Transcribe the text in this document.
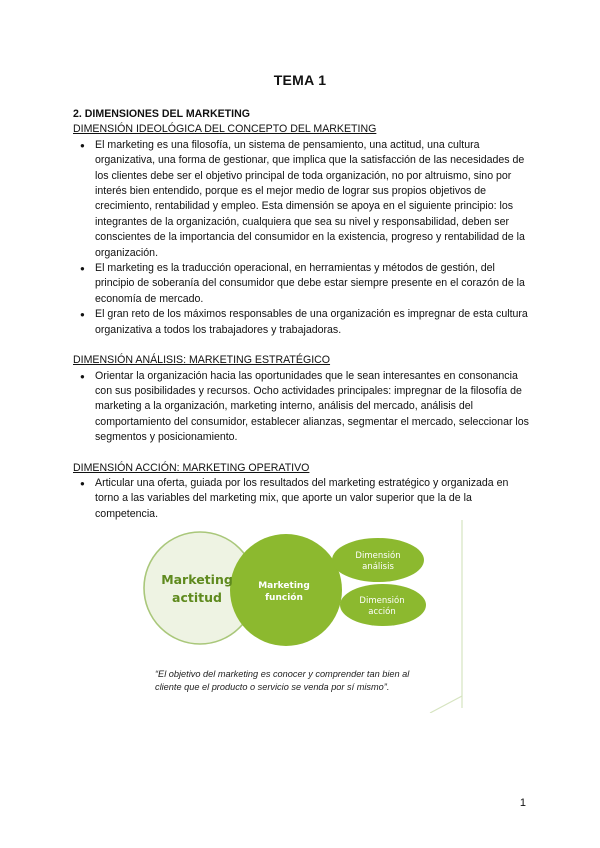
TEMA 1
2. DIMENSIONES DEL MARKETING
DIMENSIÓN IDEOLÓGICA DEL CONCEPTO DEL MARKETING
● El marketing es una filosofía, un sistema de pensamiento, una actitud, una cultura organizativa, una forma de gestionar, que implica que la satisfacción de las necesidades de los clientes debe ser el objetivo principal de toda organización, no por altruismo, sino por interés bien entendido, porque es el mejor medio de lograr sus propios objetivos de crecimiento, rentabilidad y empleo. Esta dimensión se apoya en el siguiente principio: los integrantes de la organización, cualquiera que sea su nivel y responsabilidad, deben ser conscientes de la importancia del consumidor en la existencia, progreso y rentabilidad de la organización.
● El marketing es la traducción operacional, en herramientas y métodos de gestión, del principio de soberanía del consumidor que debe estar siempre presente en el corazón de la economía de mercado.
● El gran reto de los máximos responsables de una organización es impregnar de esta cultura organizativa a todos los trabajadores y trabajadoras.
DIMENSIÓN ANÁLISIS: MARKETING ESTRATÉGICO
● Orientar la organización hacia las oportunidades que le sean interesantes en consonancia con sus posibilidades y recursos. Ocho actividades principales: impregnar de la filosofía de marketing a la organización, marketing interno, análisis del mercado, análisis del comportamiento del consumidor, establecer alianzas, segmentar el mercado, seleccionar los segmentos y posicionamiento.
DIMENSIÓN ACCIÓN: MARKETING OPERATIVO
● Articular una oferta, guiada por los resultados del marketing estratégico y organizada en torno a las variables del marketing mix, que aporte un valor superior que la de la competencia.
Marketing
actitud
Marketing
función
Dimensión
análisis
Dimensión
acción
“El objetivo del marketing es conocer y comprender tan bien al
cliente que el producto o servicio se venda por sí mismo”.
1
